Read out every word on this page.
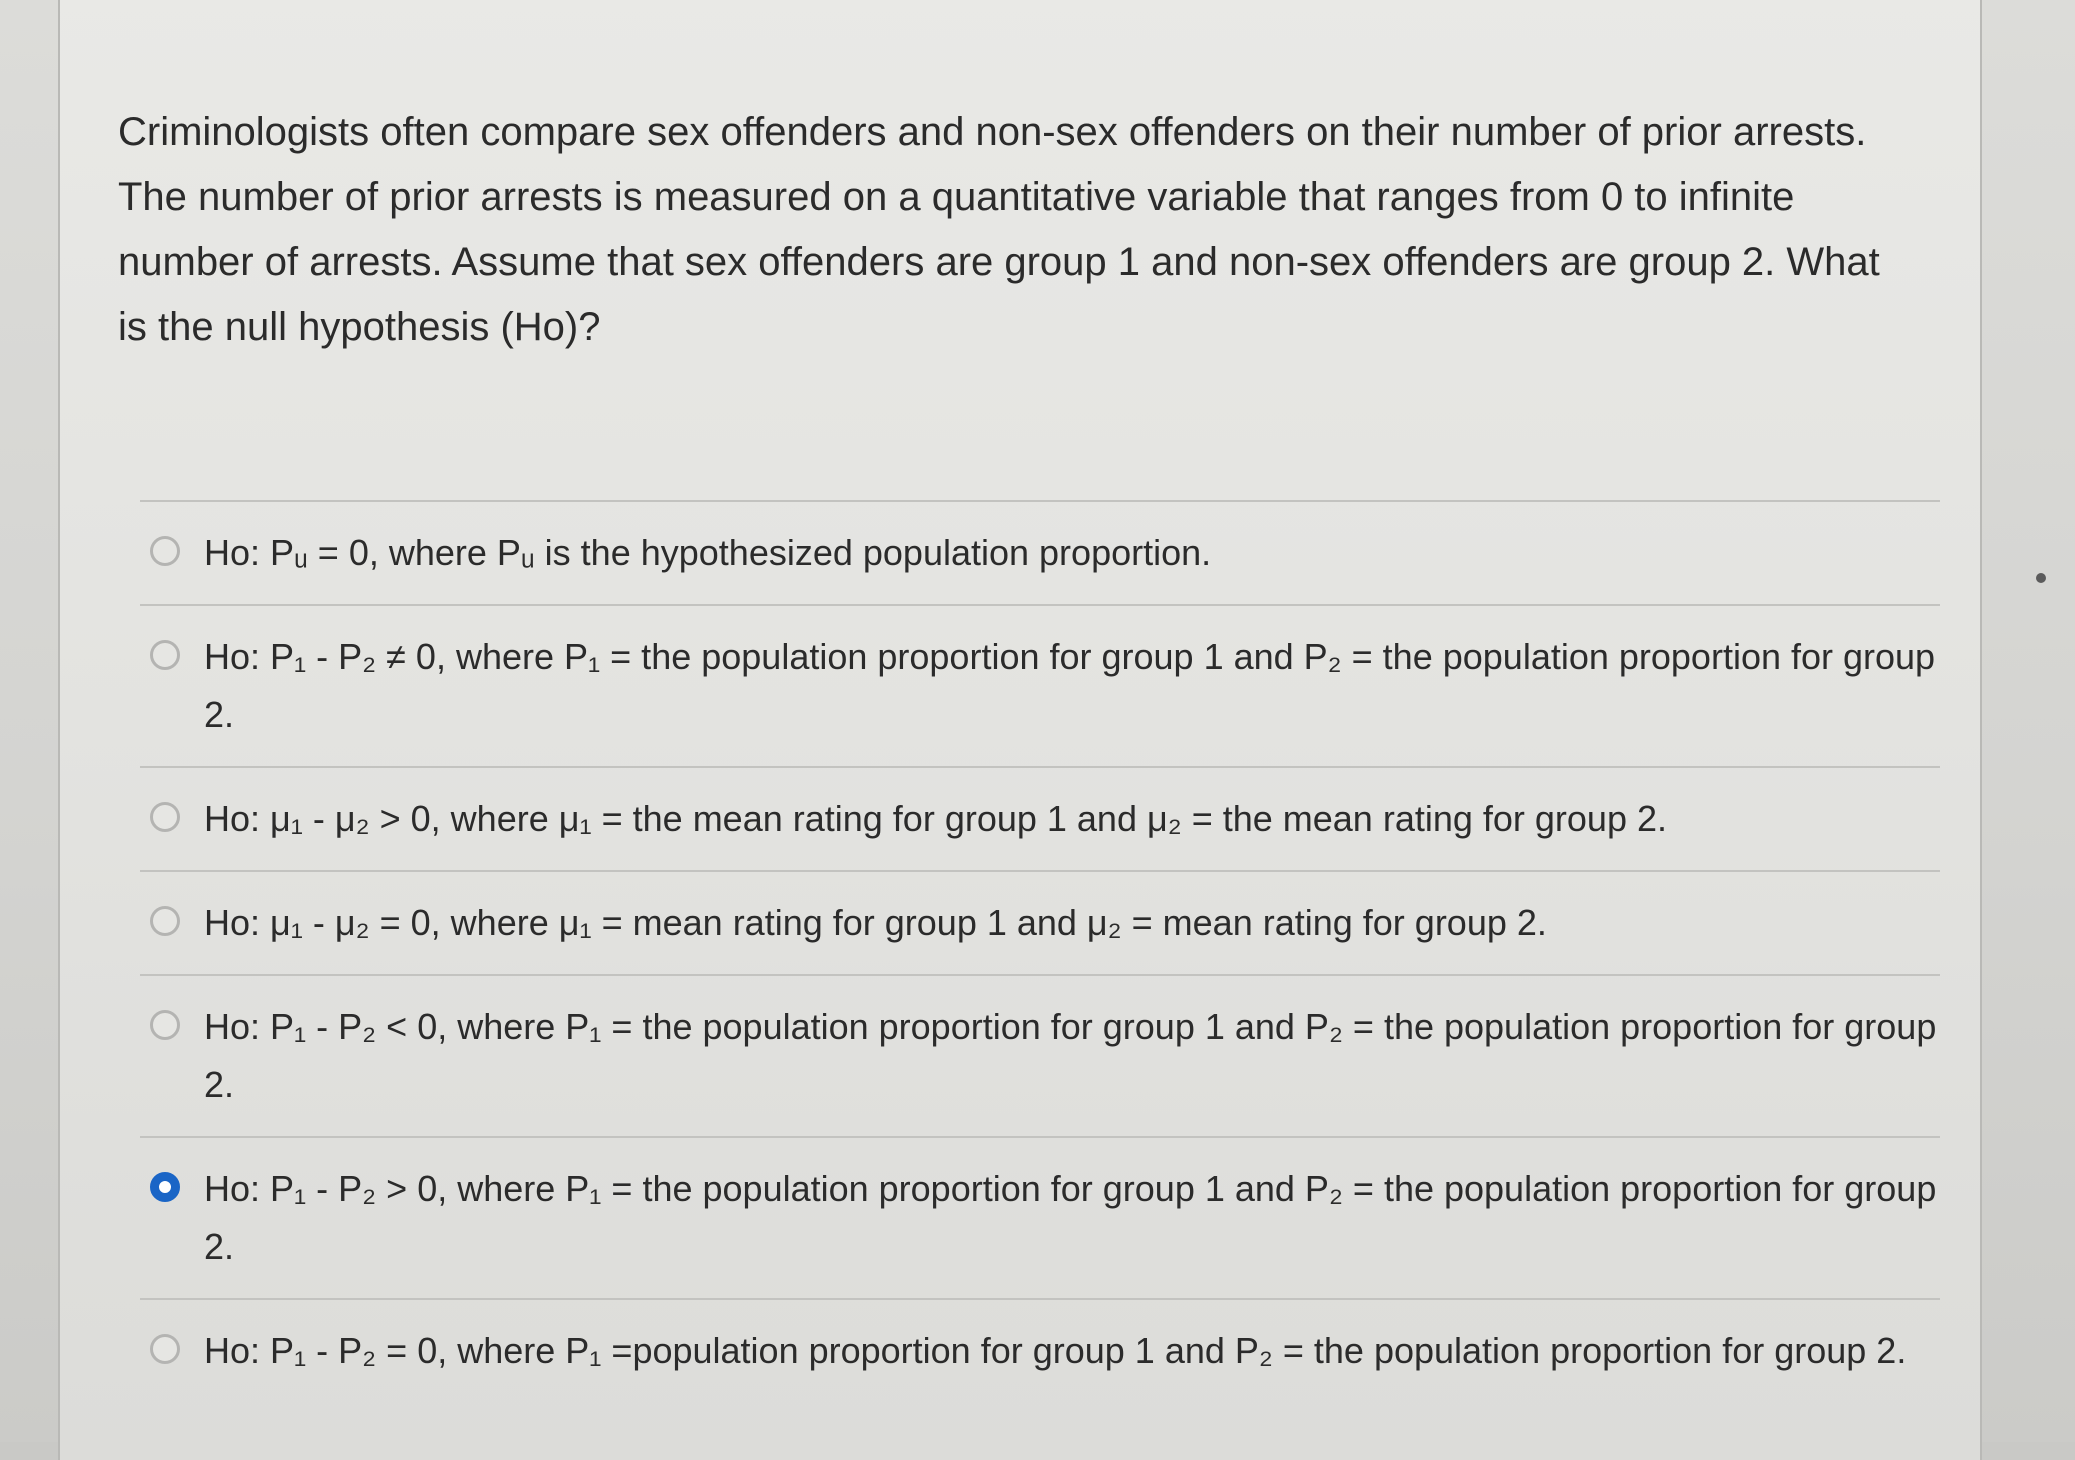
Criminologists often compare sex offenders and non-sex offenders on their number of prior arrests.
The number of prior arrests is measured on a quantitative variable that ranges from 0 to infinite
number of arrests. Assume that sex offenders are group 1 and non-sex offenders are group 2. What
is the null hypothesis (Ho)?
Ho: Pᵤ = 0, where Pᵤ is the hypothesized population proportion.
Ho: P₁ - P₂ ≠ 0, where P₁ = the population proportion for group 1 and P₂ = the population proportion for group 2.
Ho: μ₁ - μ₂ > 0, where μ₁ = the mean rating for group 1 and μ₂ = the mean rating for group 2.
Ho: μ₁ - μ₂ = 0, where μ₁ = mean rating for group 1 and μ₂ = mean rating for group 2.
Ho: P₁ - P₂ < 0, where P₁ = the population proportion for group 1 and P₂ = the population proportion for group 2.
Ho: P₁ - P₂ > 0, where P₁ = the population proportion for group 1 and P₂ = the population proportion for group 2.
Ho: P₁ - P₂ = 0, where P₁ =population proportion for group 1 and P₂ = the population proportion for group 2.
